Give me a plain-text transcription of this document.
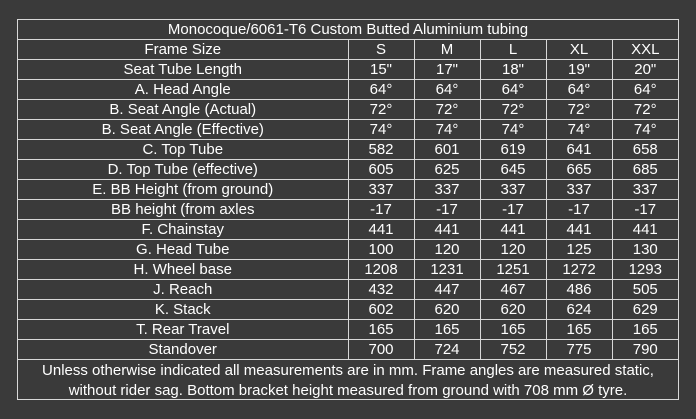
Monocoque/6061-T6 Custom Butted Aluminium tubing
Frame Size	S	M	L	XL	XXL
Seat Tube Length	15"	17"	18"	19"	20"
A. Head Angle	64°	64°	64°	64°	64°
B. Seat Angle (Actual)	72°	72°	72°	72°	72°
B. Seat Angle (Effective)	74°	74°	74°	74°	74°
C. Top Tube	582	601	619	641	658
D. Top Tube (effective)	605	625	645	665	685
E. BB Height (from ground)	337	337	337	337	337
BB height (from axles	-17	-17	-17	-17	-17
F. Chainstay	441	441	441	441	441
G. Head Tube	100	120	120	125	130
H. Wheel base	1208	1231	1251	1272	1293
J. Reach	432	447	467	486	505
K. Stack	602	620	620	624	629
T. Rear Travel	165	165	165	165	165
Standover	700	724	752	775	790
Unless otherwise indicated all measurements are in mm. Frame angles are measured static,
without rider sag. Bottom bracket height measured from ground with 708 mm Ø tyre.
